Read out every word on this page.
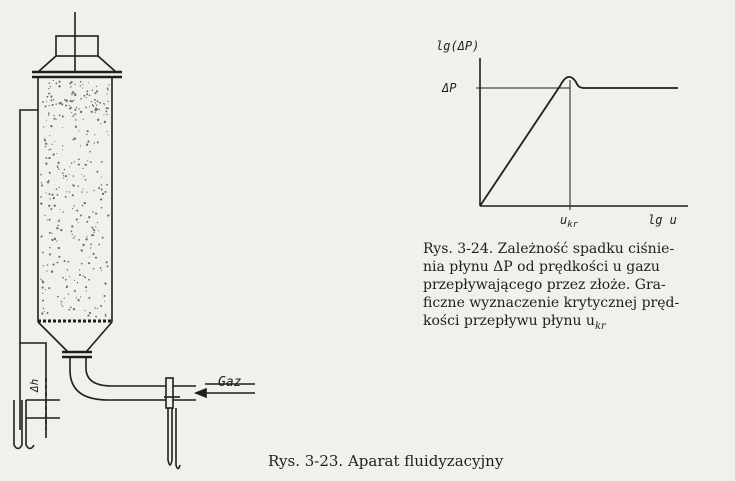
Gaz
Δh
lg(ΔP)
ΔP
$u_{kr}$	lg u
Rys. 3-24. Zależność spadku ciśnie-
nia płynu ΔP od prędkości u gazu
przepływającego przez złoże. Gra-
ficzne wyznaczenie krytycznej pręd-
kości przepływu płynu $u_{kr}$
Rys. 3-23. Aparat fluidyzacyjny
